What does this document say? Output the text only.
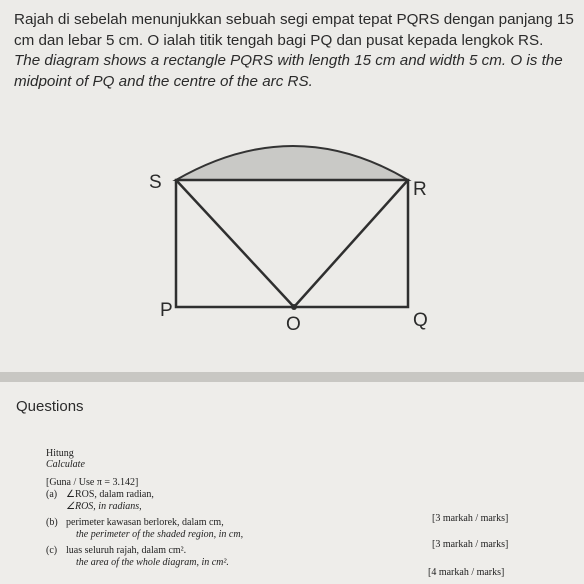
Rajah di sebelah menunjukkan sebuah segi empat tepat PQRS dengan panjang 15 cm dan lebar 5 cm. O ialah titik tengah bagi PQ dan pusat kepada lengkok RS.

The diagram shows a rectangle PQRS with length 15 cm and width 5 cm. O is the midpoint of PQ and the centre of the arc RS.

S	R
P
O	Q
Questions
Hitung
Calculate
[Guna / Use π = 3.142]
(a) ∠ROS, dalam radian,
∠ROS, in radians,
[3 markah / marks]
(b) perimeter kawasan berlorek, dalam cm,
the perimeter of the shaded region, in cm,
[3 markah / marks]
(c) luas seluruh rajah, dalam cm².
the area of the whole diagram, in cm².
[4 markah / marks]
